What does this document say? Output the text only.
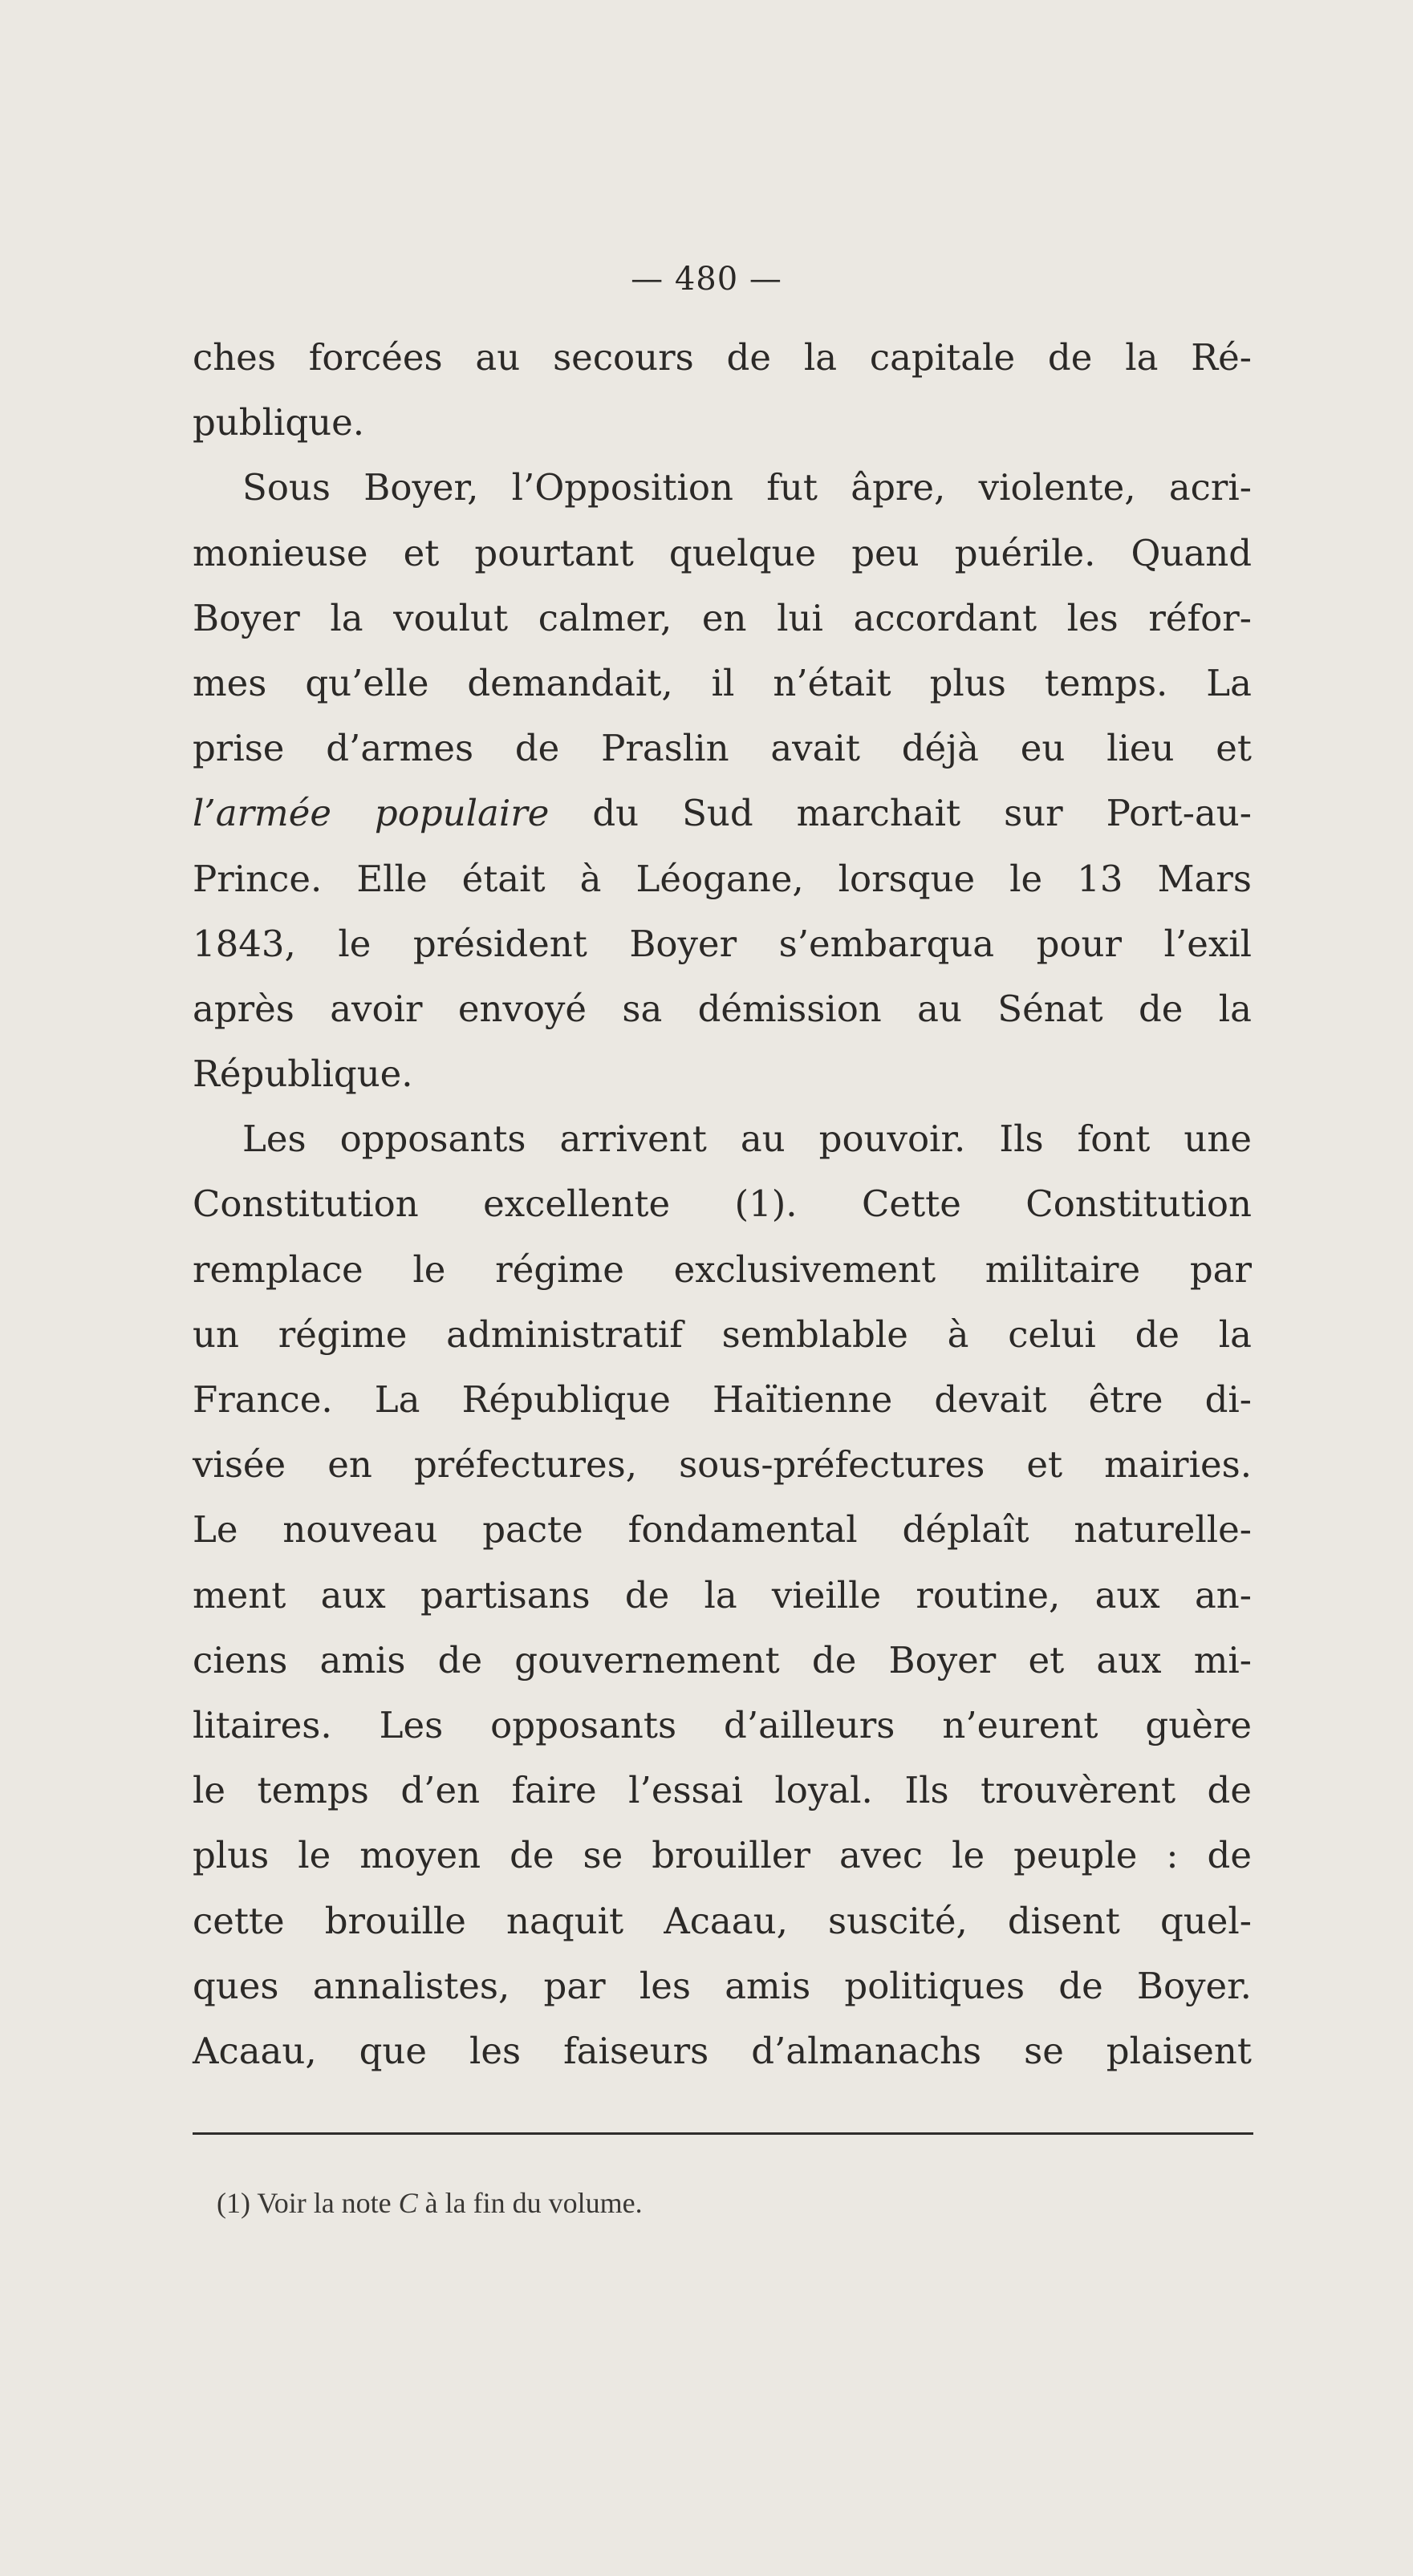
— 480 —
ches forcées au secours de la capitale de la Ré-
publique.
Sous Boyer, l’Opposition fut âpre, violente, acri-
monieuse et pourtant quelque peu puérile. Quand
Boyer la voulut calmer, en lui accordant les réfor-
mes qu’elle demandait, il n’était plus temps. La
prise d’armes de Praslin avait déjà eu lieu et
l’armée populaire du Sud marchait sur Port-au-
Prince. Elle était à Léogane, lorsque le 13 Mars
1843, le président Boyer s’embarqua pour l’exil
après avoir envoyé sa démission au Sénat de la
République.
Les opposants arrivent au pouvoir. Ils font une
Constitution excellente (1). Cette Constitution
remplace le régime exclusivement militaire par
un régime administratif semblable à celui de la
France. La République Haïtienne devait être di-
visée en préfectures, sous-préfectures et mairies.
Le nouveau pacte fondamental déplaît naturelle-
ment aux partisans de la vieille routine, aux an-
ciens amis de gouvernement de Boyer et aux mi-
litaires. Les opposants d’ailleurs n’eurent guère
le temps d’en faire l’essai loyal. Ils trouvèrent de
plus le moyen de se brouiller avec le peuple : de
cette brouille naquit Acaau, suscité, disent quel-
ques annalistes, par les amis politiques de Boyer.
Acaau, que les faiseurs d’almanachs se plaisent
(1) Voir la note C à la fin du volume.
